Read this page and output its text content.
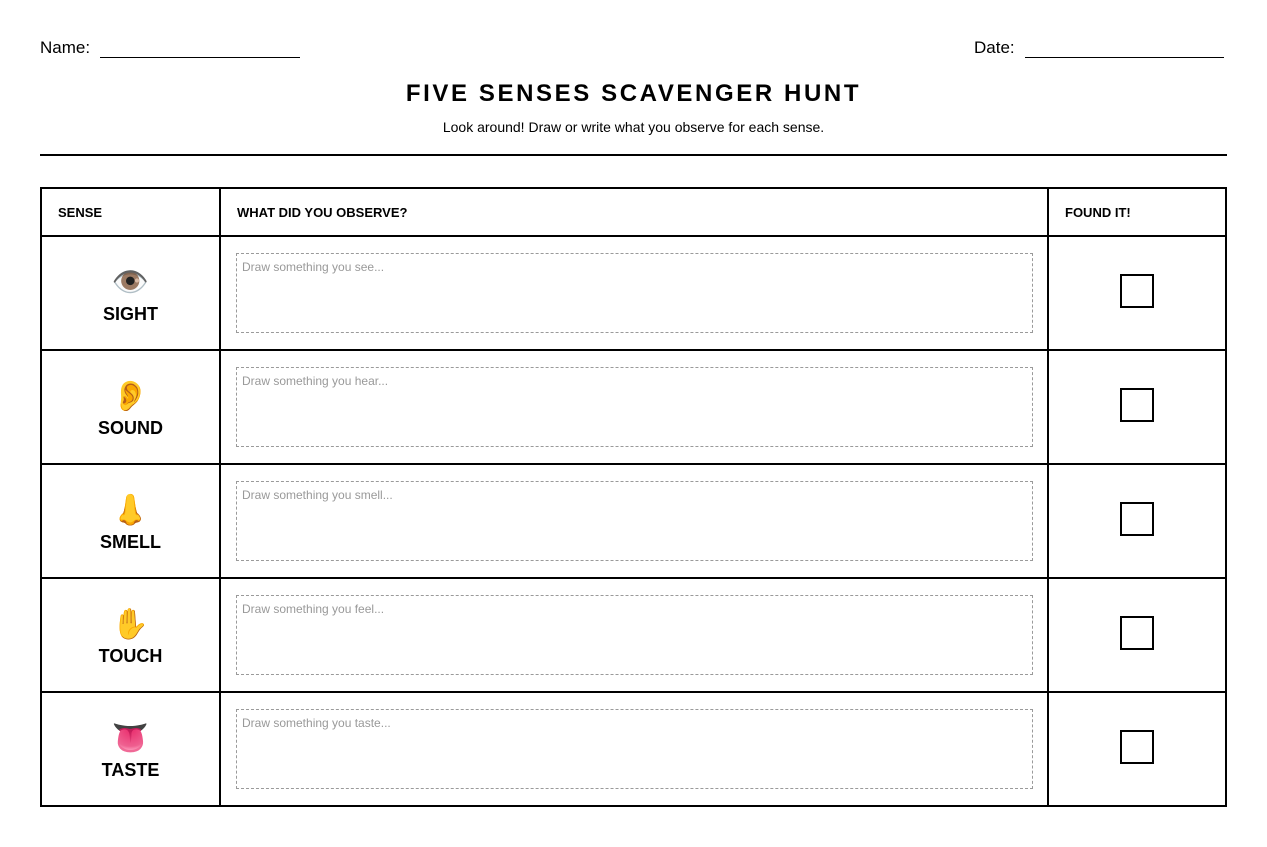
Name:	Date:
FIVE SENSES SCAVENGER HUNT
Look around! Draw or write what you observe for each sense.
SENSE	WHAT DID YOU OBSERVE?	FOUND IT!

👁️
SIGHT	Draw something you see...	

👂
SOUND	Draw something you hear...	

👃
SMELL	Draw something you smell...	

✋
TOUCH	Draw something you feel...	

👅
TASTE	Draw something you taste...	
